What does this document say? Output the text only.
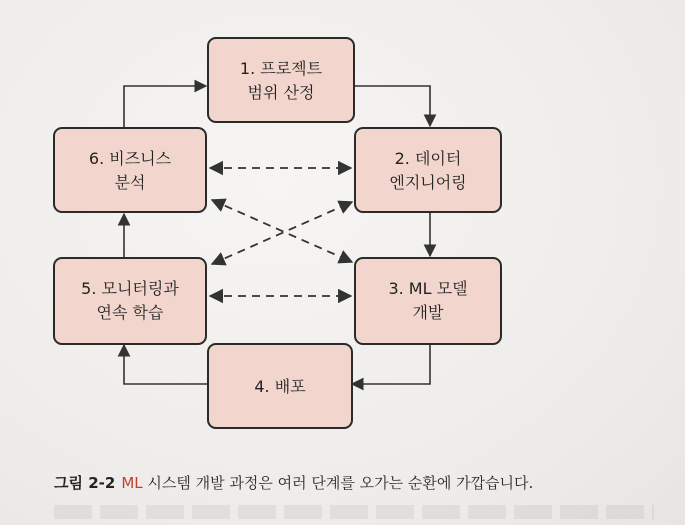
1. 프로젝트
범위 산정
2. 데이터
엔지니어링
3. ML 모델
개발
4. 배포
5. 모니터링과
연속 학습
6. 비즈니스
분석
그림 2-2 ML 시스템 개발 과정은 여러 단계를 오가는 순환에 가깝습니다.
